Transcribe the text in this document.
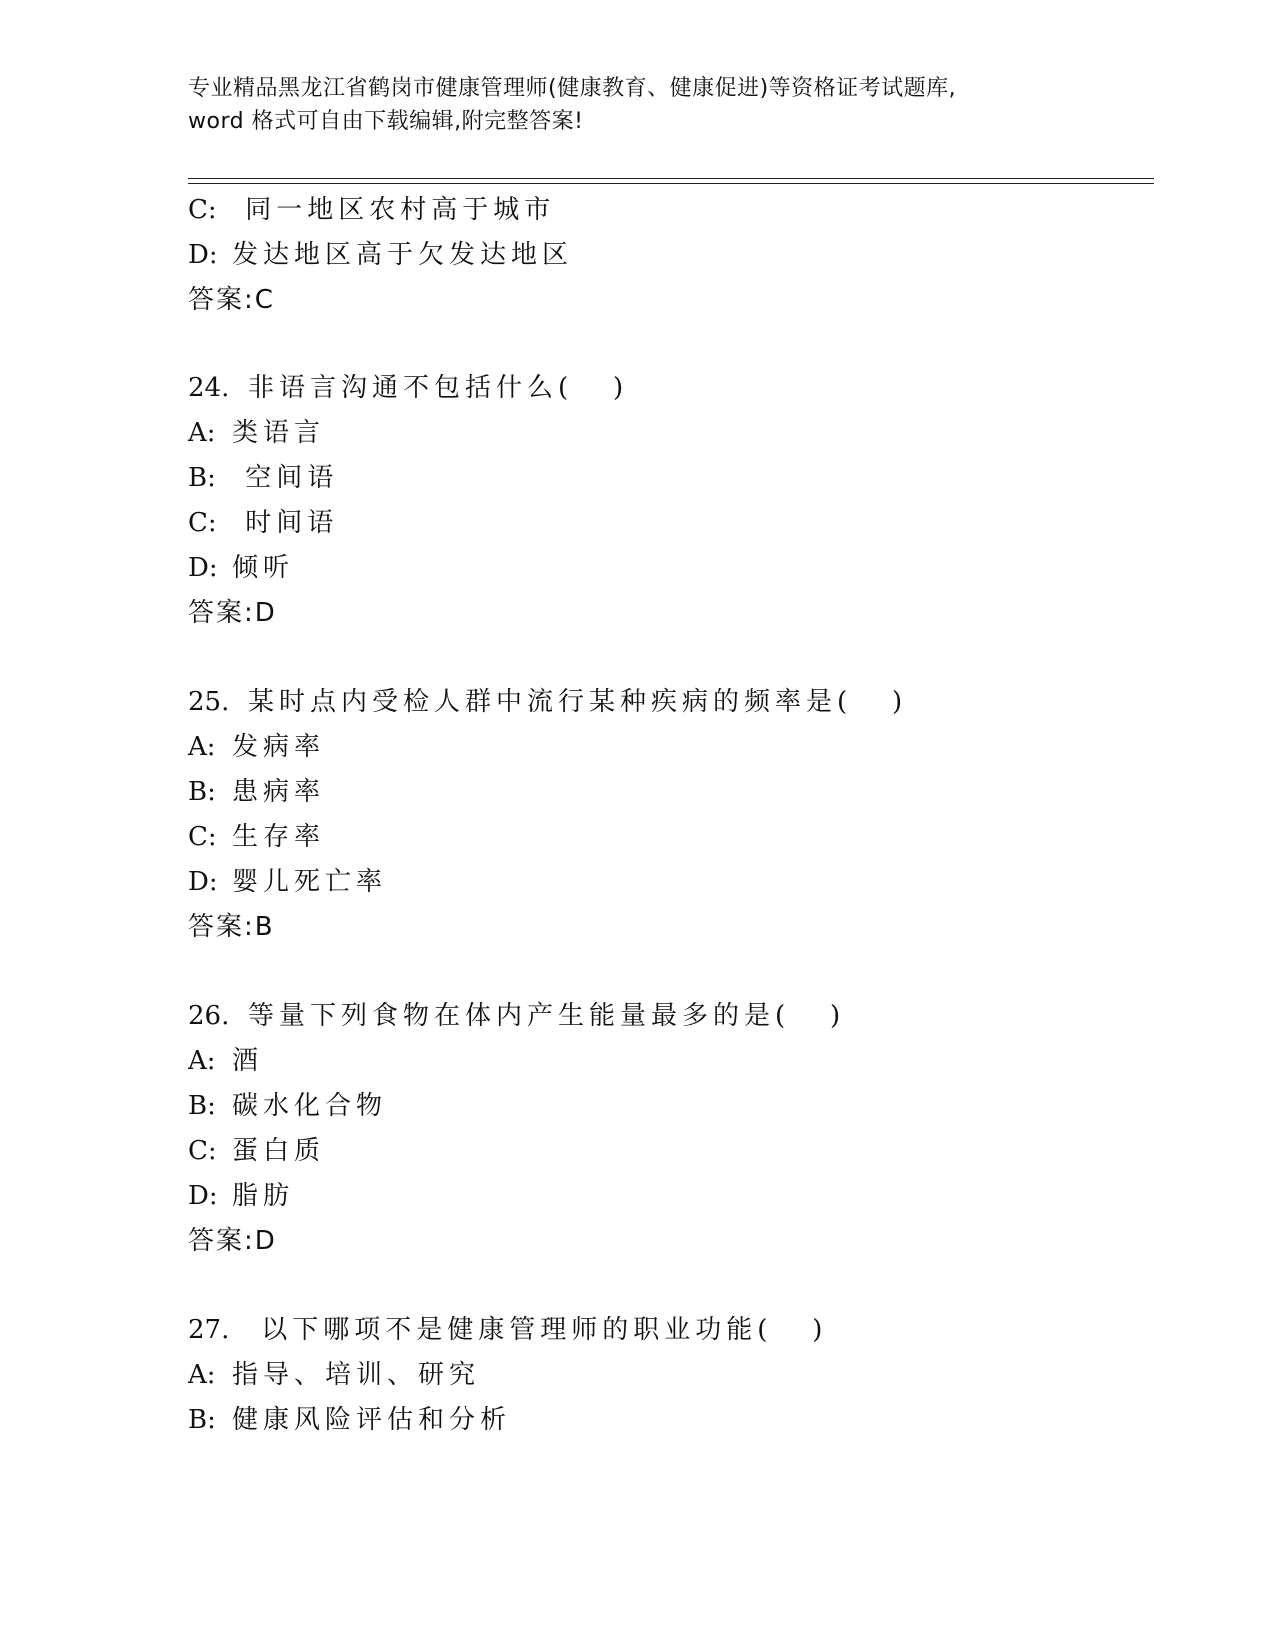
专业精品黑龙江省鹤岗市健康管理师(健康教育、健康促进)等资格证考试题库,
word 格式可自由下载编辑,附完整答案!
C: 同一地区农村高于城市
D: 发达地区高于欠发达地区
答案:C
24. 非语言沟通不包括什么(   )
A: 类语言
B: 空间语
C: 时间语
D: 倾听
答案:D
25. 某时点内受检人群中流行某种疾病的频率是(   )
A: 发病率
B: 患病率
C: 生存率
D: 婴儿死亡率
答案:B
26. 等量下列食物在体内产生能量最多的是(   )
A: 酒
B: 碳水化合物
C: 蛋白质
D: 脂肪
答案:D
27. 以下哪项不是健康管理师的职业功能(   )
A: 指导、培训、研究
B: 健康风险评估和分析
